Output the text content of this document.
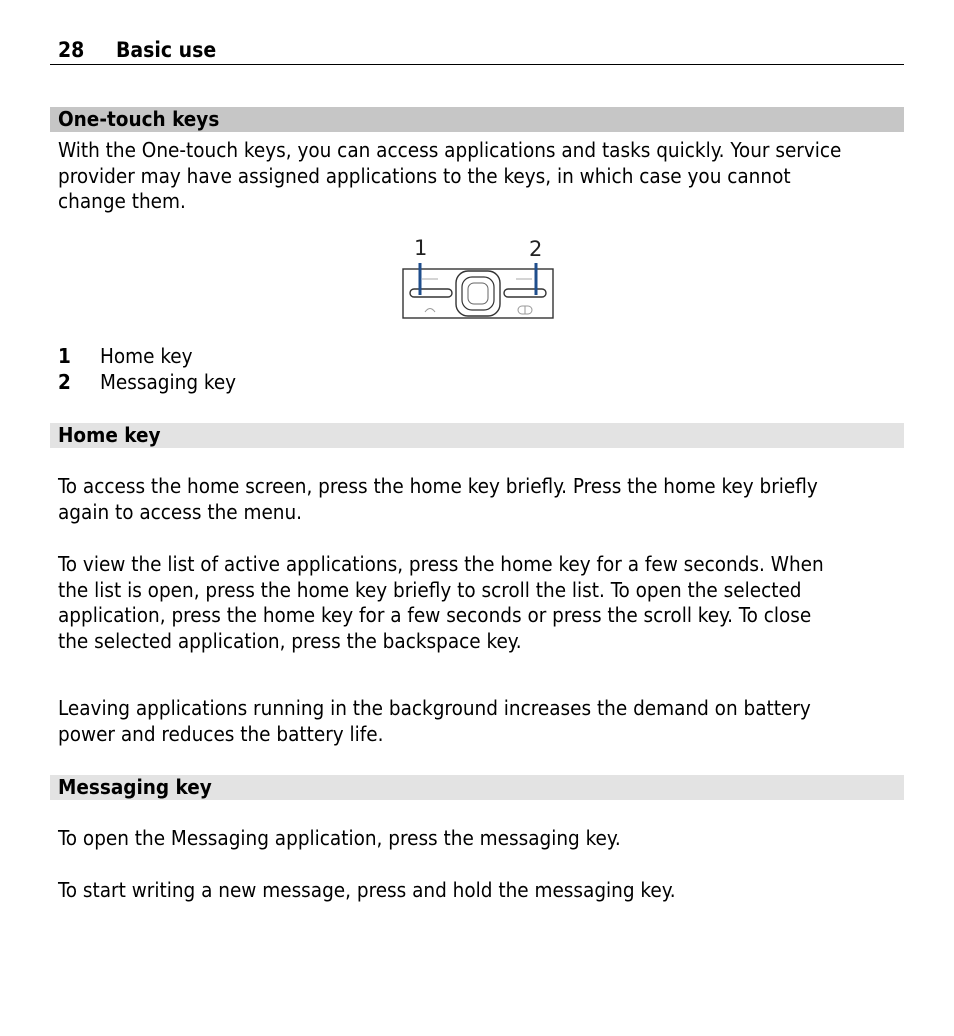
28 Basic use
One-touch keys
With the One-touch keys, you can access applications and tasks quickly. Your service
provider may have assigned applications to the keys, in which case you cannot
change them.
1	2
1 Home key
2 Messaging key
Home key
To access the home screen, press the home key briefly. Press the home key briefly
again to access the menu.
To view the list of active applications, press the home key for a few seconds. When
the list is open, press the home key briefly to scroll the list. To open the selected
application, press the home key for a few seconds or press the scroll key. To close
the selected application, press the backspace key.
Leaving applications running in the background increases the demand on battery
power and reduces the battery life.
Messaging key
To open the Messaging application, press the messaging key.
To start writing a new message, press and hold the messaging key.
